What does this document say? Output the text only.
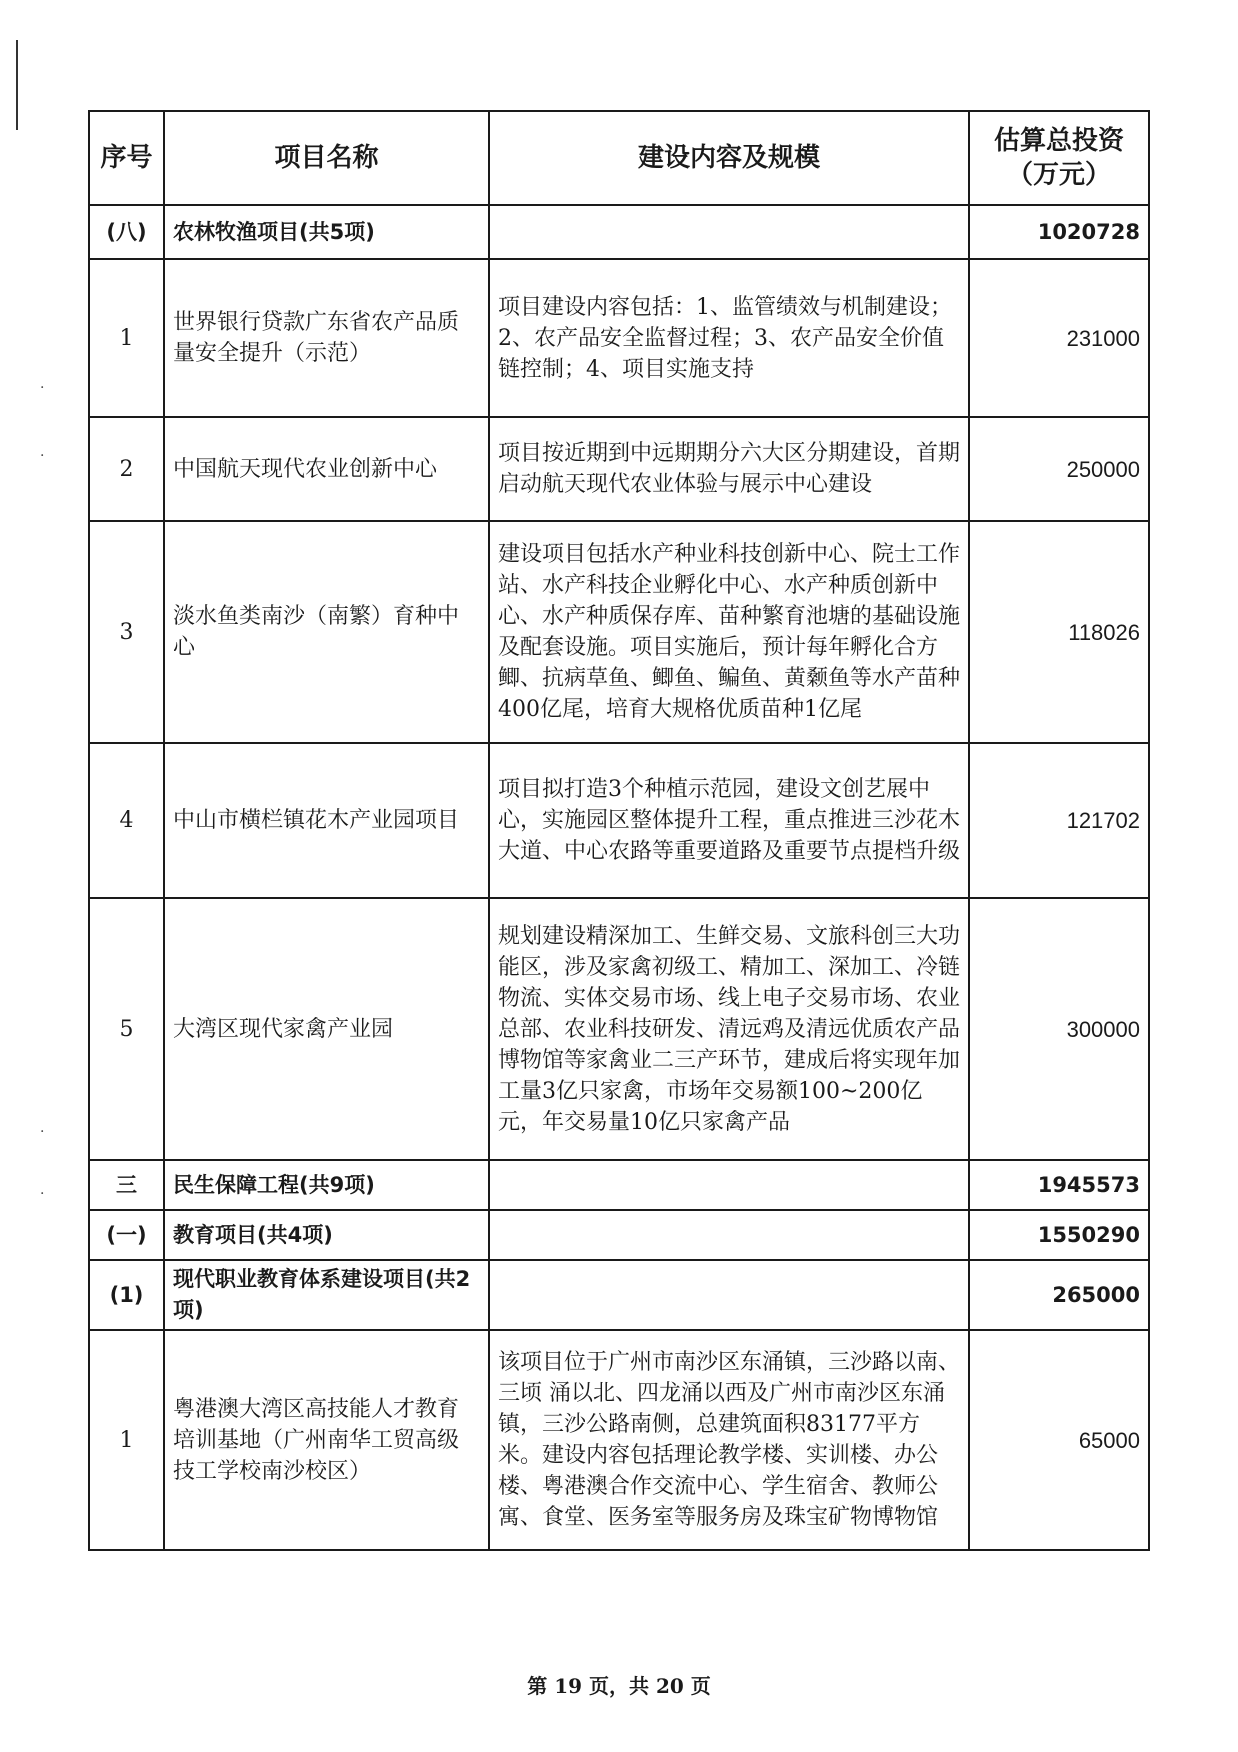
·
·
·
·
序号	项目名称	建设内容及规模	估算总投资
（万元）

(八)	农林牧渔项目(共5项)		1020728
1	世界银行贷款广东省农产品质量安全提升（示范）	项目建设内容包括：1、监管绩效与机制建设；2、农产品安全监督过程；3、农产品安全价值链控制；4、项目实施支持	231000
2	中国航天现代农业创新中心	项目按近期到中远期期分六大区分期建设，首期启动航天现代农业体验与展示中心建设	250000
3	淡水鱼类南沙（南繁）育种中心	建设项目包括水产种业科技创新中心、院士工作站、水产科技企业孵化中心、水产种质创新中心、水产种质保存库、苗种繁育池塘的基础设施及配套设施。项目实施后，预计每年孵化合方鲫、抗病草鱼、鲫鱼、鳊鱼、黄颡鱼等水产苗种400亿尾，培育大规格优质苗种1亿尾	118026
4	中山市横栏镇花木产业园项目	项目拟打造3个种植示范园，建设文创艺展中心，实施园区整体提升工程，重点推进三沙花木大道、中心农路等重要道路及重要节点提档升级	121702
5	大湾区现代家禽产业园	规划建设精深加工、生鲜交易、文旅科创三大功能区，涉及家禽初级工、精加工、深加工、冷链物流、实体交易市场、线上电子交易市场、农业总部、农业科技研发、清远鸡及清远优质农产品博物馆等家禽业二三产环节，建成后将实现年加工量3亿只家禽，市场年交易额100~200亿元，年交易量10亿只家禽产品	300000
三	民生保障工程(共9项)		1945573
(一)	教育项目(共4项)		1550290
(1)	现代职业教育体系建设项目(共2项)		265000
1	粤港澳大湾区高技能人才教育培训基地（广州南华工贸高级技工学校南沙校区）	该项目位于广州市南沙区东涌镇，三沙路以南、三顷 涌以北、四龙涌以西及广州市南沙区东涌镇，三沙公路南侧，总建筑面积83177平方米。建设内容包括理论教学楼、实训楼、办公楼、粤港澳合作交流中心、学生宿舍、教师公寓、食堂、医务室等服务房及珠宝矿物博物馆	65000
第 19 页，共 20 页
